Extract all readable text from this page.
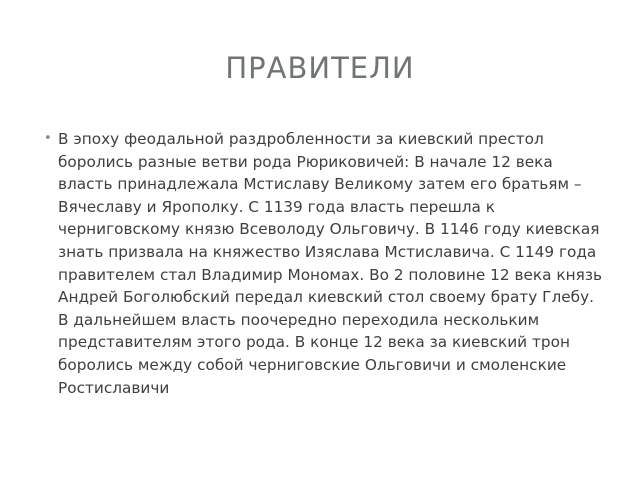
ПРАВИТЕЛИ
• В эпоху феодальной раздробленности за киевский престол боролись разные ветви рода Рюриковичей: В начале 12 века власть принадлежала Мстиславу Великому затем его братьям – Вячеславу и Ярополку. С 1139 года власть перешла к черниговскому князю Всеволоду Ольговичу. В 1146 году киевская знать призвала на княжество Изяслава Мстиславича. С 1149 года правителем стал Владимир Мономах. Во 2 половине 12 века князь Андрей Боголюбский передал киевский стол своему брату Глебу. В дальнейшем власть поочередно переходила нескольким представителям этого рода. В конце 12 века за киевский трон боролись между собой черниговские Ольговичи и смоленские Ростиславичи
